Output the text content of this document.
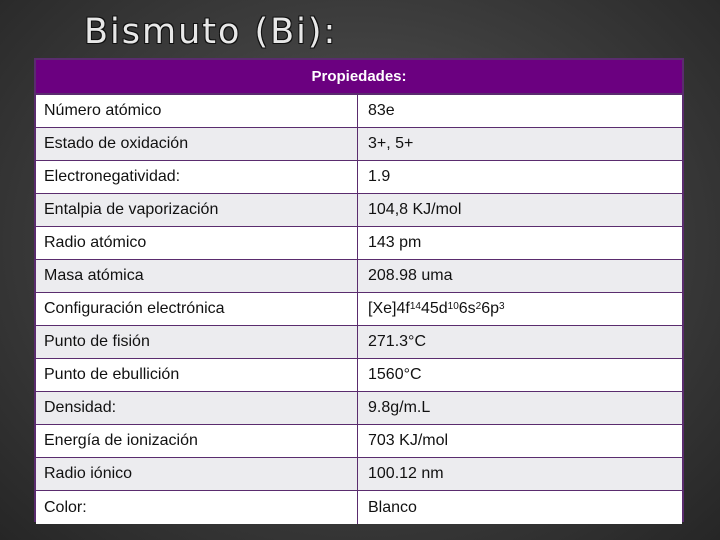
Bismuto (Bi):
Propiedades:
Número atómico	83e
Estado de oxidación	3+, 5+
Electronegatividad:	1.9
Entalpia de vaporización	104,8 KJ/mol
Radio atómico	143 pm
Masa atómica	208.98 uma
Configuración electrónica	$[Xe]4f^{14}$ $45d^{10}$ $6s^2$ $6p^3$
Punto de fisión	271.3°C
Punto de ebullición	1560°C
Densidad:	9.8g/m.L
Energía de ionización	703 KJ/mol
Radio iónico	100.12 nm
Color:	Blanco
